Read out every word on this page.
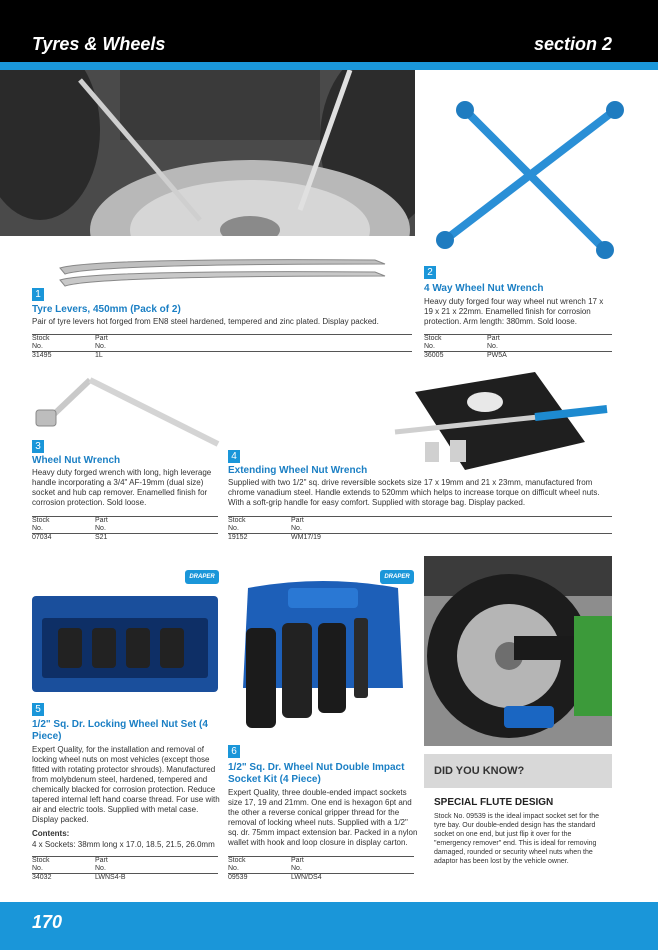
Tyres & Wheels	section 2
1
Tyre Levers, 450mm (Pack of 2)
Pair of tyre levers hot forged from EN8 steel hardened, tempered and zinc plated. Display packed.
Stock	Part
No.	No.
31495	1L
2
4 Way Wheel Nut Wrench
Heavy duty forged four way wheel nut wrench 17 x 19 x 21 x 22mm. Enamelled finish for corrosion protection. Arm length: 380mm. Sold loose.
Stock	Part
No.	No.
36005	PW5A
3
Wheel Nut Wrench
Heavy duty forged wrench with long, high leverage handle incorporating a 3/4" AF-19mm (dual size) socket and hub cap remover. Enamelled finish for corrosion protection. Sold loose.
Stock	Part
No.	No.
07034	S21
4
Extending Wheel Nut Wrench
Supplied with two 1/2" sq. drive reversible sockets size 17 x 19mm and 21 x 23mm, manufactured from chrome vanadium steel. Handle extends to 520mm which helps to increase torque on difficult wheel nuts. With a soft-grip handle for easy comfort. Supplied with storage bag. Display packed.
Stock	Part
No.	No.
19152	WM17/19
DRAPER
5
1/2" Sq. Dr. Locking Wheel Nut Set (4 Piece)
Expert Quality, for the installation and removal of locking wheel nuts on most vehicles (except those fitted with rotating protector shrouds). Manufactured from molybdenum steel, hardened, tempered and chemically blacked for corrosion protection. Reduce tapered internal left hand coarse thread. For use with air and electric tools. Supplied with metal case. Display packed.
Contents:
4 x Sockets: 38mm long x 17.0, 18.5, 21.5, 26.0mm
Stock	Part
No.	No.
34032	LWNS4-B
DRAPER
6
1/2" Sq. Dr. Wheel Nut Double Impact Socket Kit (4 Piece)
Expert Quality, three double-ended impact sockets size 17, 19 and 21mm. One end is hexagon 6pt and the other a reverse conical gripper thread for the removal of locking wheel nuts. Supplied with a 1/2" sq. dr. 75mm impact extension bar. Packed in a nylon wallet with hook and loop closure in display carton.
Stock	Part
No.	No.
09539	LWN/DS4
DID YOU KNOW?
SPECIAL FLUTE DESIGN
Stock No. 09539 is the ideal impact socket set for the tyre bay. Our double-ended design has the standard socket on one end, but just flip it over for the "emergency remover" end. This is ideal for removing damaged, rounded or security wheel nuts when the adaptor has been lost by the vehicle owner.
170
